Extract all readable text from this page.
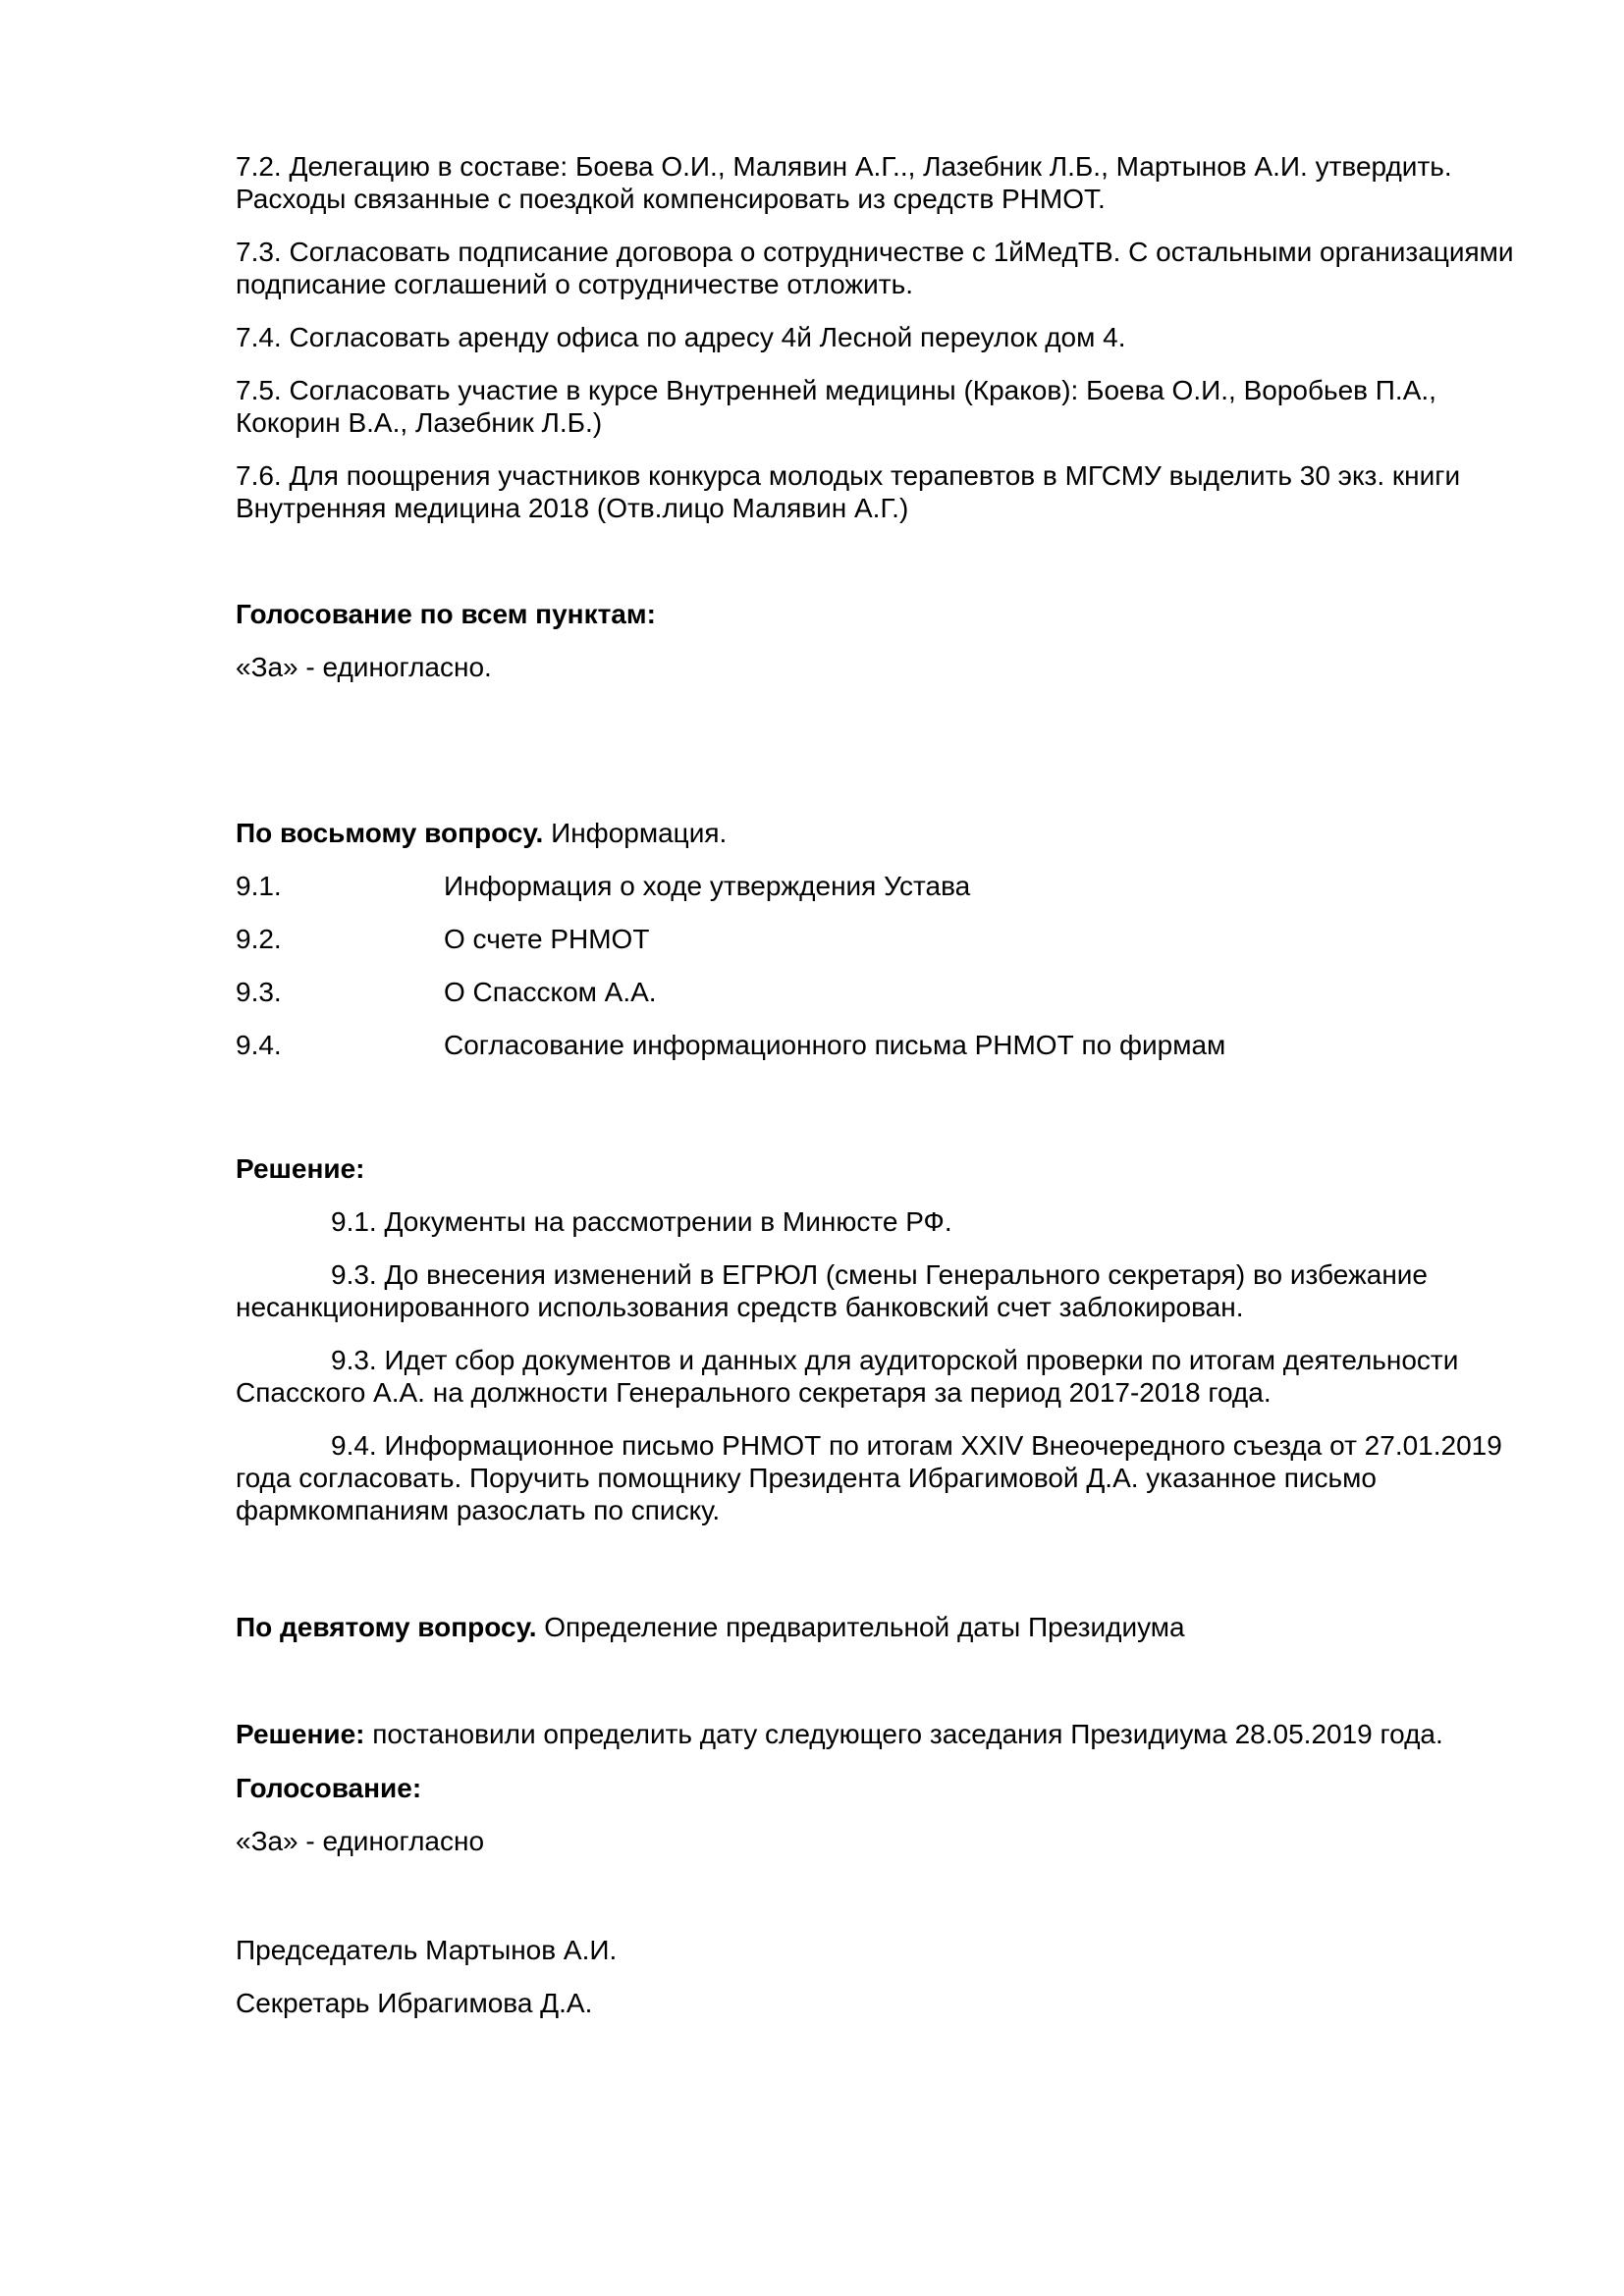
7.2. Делегацию в составе: Боева О.И., Малявин А.Г.., Лазебник Л.Б., Мартынов А.И. утвердить. Расходы связанные с поездкой компенсировать из средств РНМОТ.

7.3. Согласовать подписание договора о сотрудничестве с 1йМедТВ. С остальными организациями подписание соглашений о сотрудничестве отложить.

7.4. Согласовать аренду офиса по адресу 4й Лесной переулок дом 4.

7.5. Согласовать участие в курсе Внутренней медицины (Краков): Боева О.И., Воробьев П.А., Кокорин В.А., Лазебник Л.Б.)

7.6. Для поощрения участников конкурса молодых терапевтов в МГСМУ выделить 30 экз. книги Внутренняя медицина 2018 (Отв.лицо Малявин А.Г.)

Голосование по всем пунктам:

«За» - единогласно.

По восьмому вопросу. Информация.

9.1.	Информация о ходе утверждения Устава
9.2.	О счете РНМОТ
9.3.	О Спасском А.А.
9.4.	Согласование информационного письма РНМОТ по фирмам

Решение:

9.1. Документы на рассмотрении в Минюсте РФ.

9.3. До внесения изменений в ЕГРЮЛ (смены Генерального секретаря) во избежание несанкционированного использования средств банковский счет заблокирован.

9.3. Идет сбор документов и данных для аудиторской проверки по итогам деятельности Спасского А.А. на должности Генерального секретаря за период 2017-2018 года.

9.4. Информационное письмо РНМОТ по итогам XXIV Внеочередного съезда от 27.01.2019 года согласовать. Поручить помощнику Президента Ибрагимовой Д.А. указанное письмо фармкомпаниям разослать по списку.

По девятому вопросу. Определение предварительной даты Президиума

Решение: постановили определить дату следующего заседания Президиума 28.05.2019 года.

Голосование:

«За» - единогласно

Председатель Мартынов А.И.

Секретарь Ибрагимова Д.А.
